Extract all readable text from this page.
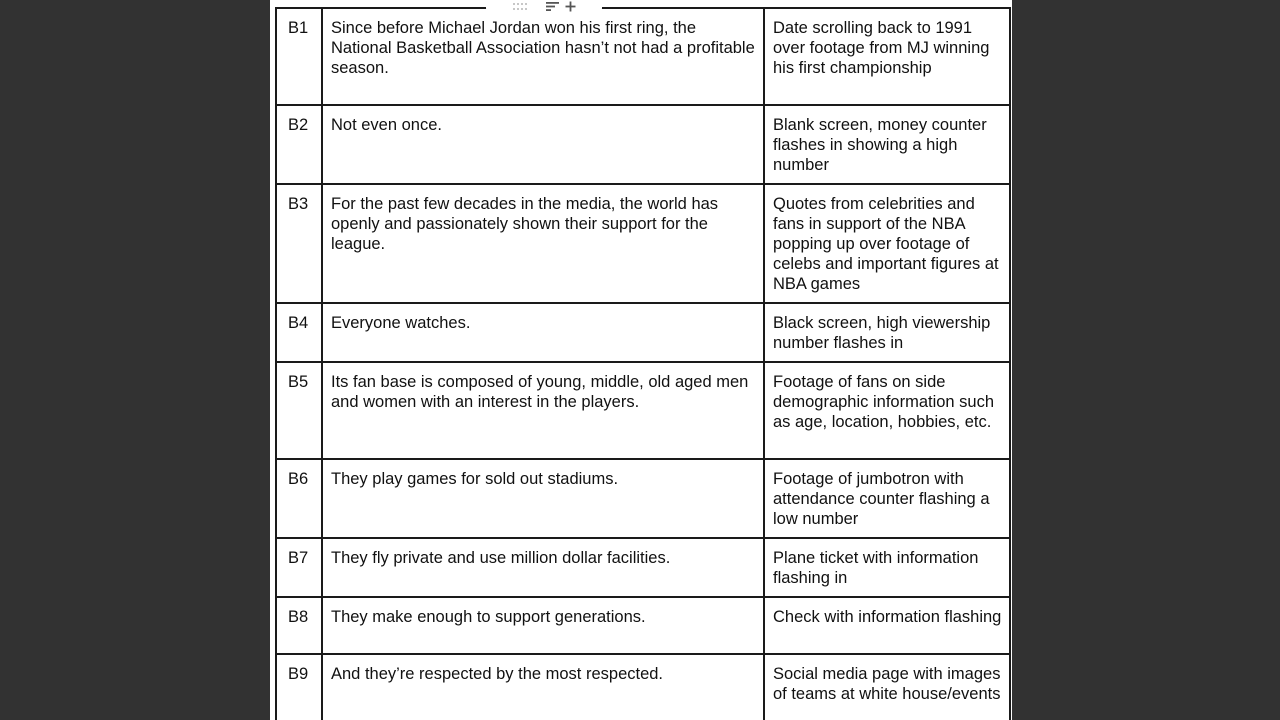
B1	Since before Michael Jordan won his first ring, the National Basketball Association hasn’t not had a profitable season.	Date scrolling back to 1991 over footage from MJ winning his first championship
B2	Not even once.	Blank screen, money counter flashes in showing a high number
B3	For the past few decades in the media, the world has openly and passionately shown their support for the league.	Quotes from celebrities and fans in support of the NBA popping up over footage of celebs and important figures at NBA games
B4	Everyone watches.	Black screen, high viewership number flashes in
B5	Its fan base is composed of young, middle, old aged men and women with an interest in the players.	Footage of fans on side demographic information such as age, location, hobbies, etc.
B6	They play games for sold out stadiums.	Footage of jumbotron with attendance counter flashing a low number
B7	They fly private and use million dollar facilities.	Plane ticket with information flashing in
B8	They make enough to support generations.	Check with information flashing
B9	And they’re respected by the most respected.	Social media page with images of teams at white house/events
